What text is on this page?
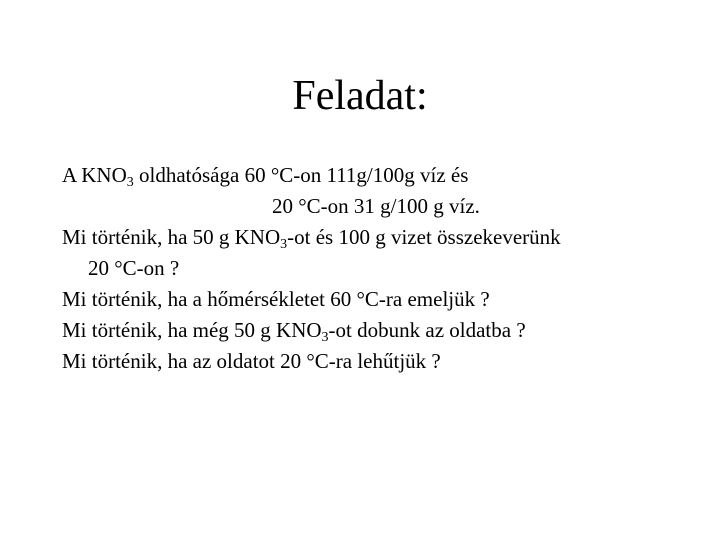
Feladat:
A $KNO_3$ oldhatósága 60 °C-on 111g/100g víz és
20 °C-on 31 g/100 g víz.
Mi történik, ha 50 g $KNO_3-ot$ és 100 g vizet összekeverünk
20 °C-on ?
Mi történik, ha a hőmérsékletet 60 °C-ra emeljük ?
Mi történik, ha még 50 g $KNO_3-ot$ dobunk az oldatba ?
Mi történik, ha az oldatot 20 °C-ra lehűtjük ?
